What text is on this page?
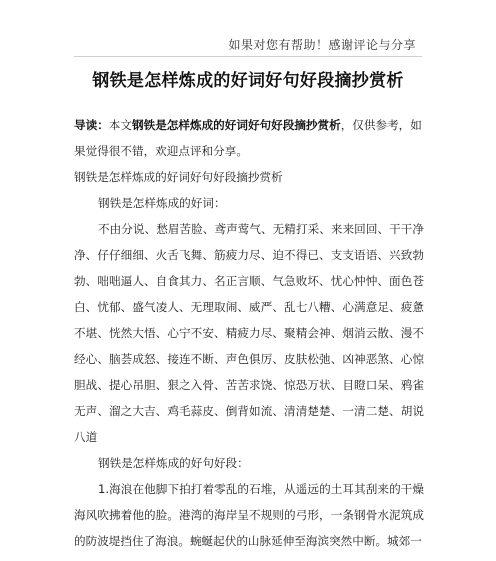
如果对您有帮助！感谢评论与分享
钢铁是怎样炼成的好词好句好段摘抄赏析
导读：本文钢铁是怎样炼成的好词好句好段摘抄赏析，仅供参考，如果觉得很不错，欢迎点评和分享。
钢铁是怎样炼成的好词好句好段摘抄赏析
钢铁是怎样炼成的好词：
不由分说、愁眉苦脸、鸢声莺气、无精打采、来来回回、干干净净、仔仔细细、火舌飞舞、筋疲力尽、迫不得已、支支语语、兴致勃勃、咄咄逼人、自食其力、名正言顺、气急败坏、忧心忡忡、面色苍白、忧郁、盛气凌人、无理取闹、威严、乱七八糟、心满意足、疲惫不堪、恍然大悟、心宁不安、精疲力尽、聚精会神、烟消云散、漫不经心、脑荟成怒、接连不断、声色俱厉、皮肤松弛、凶神恶煞、心惊胆战、提心吊胆、狠之入骨、苦苦求饶、惊恐万状、目瞪口呆、鸦雀无声、溜之大吉、鸡毛蒜皮、倒背如流、清清楚楚、一清二楚、胡说八道
钢铁是怎样炼成的好句好段：
1.海浪在他脚下拍打着零乱的石堆，从遥远的土耳其刮来的干燥海风吹拂着他的脸。港湾的海岸呈不规则的弓形，一条钢骨水泥筑成的防波堤挡住了海浪。蜿蜒起伏的山脉延伸至海滨突然中断。城郊一
